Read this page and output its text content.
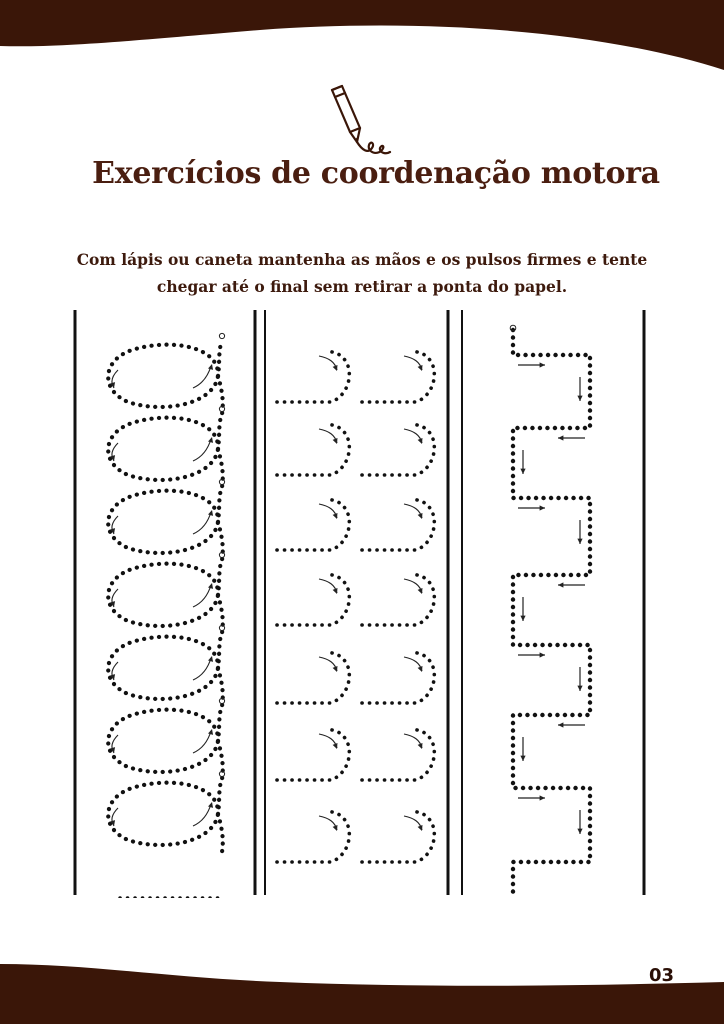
Exercícios de coordenação motora
Com lápis ou caneta mantenha as mãos e os pulsos firmes e tente chegar até o final sem retirar a ponta do papel.
03
